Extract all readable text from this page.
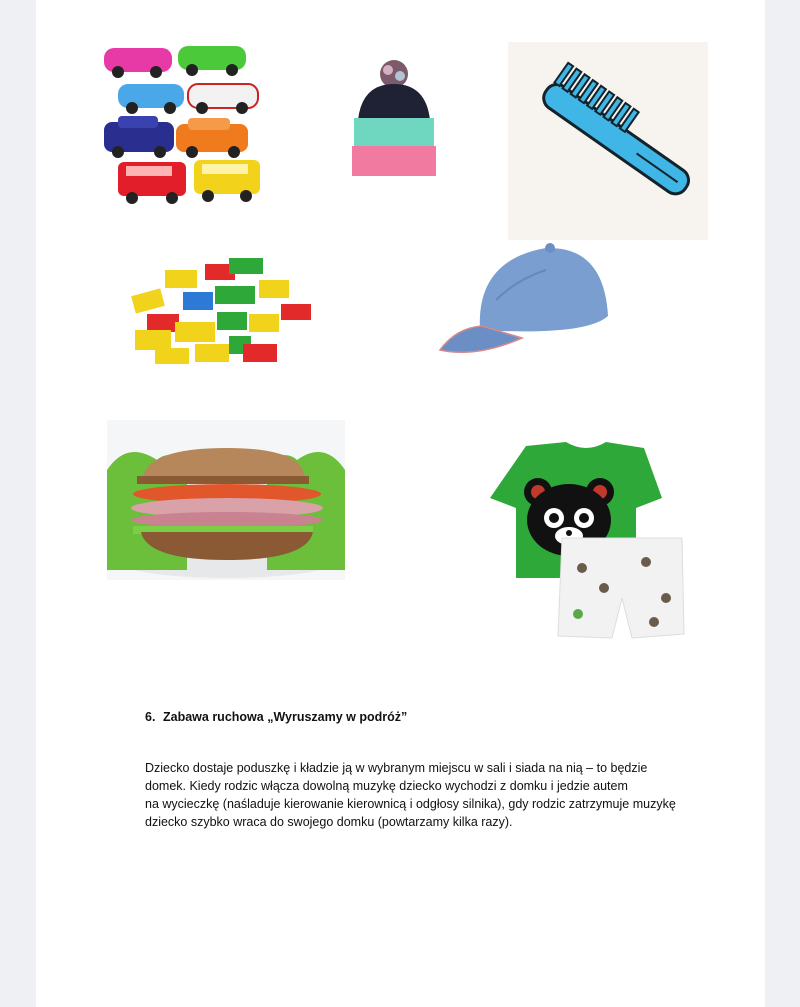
6. Zabawa ruchowa „Wyruszamy w podróż”
Dziecko dostaje poduszkę i kładzie ją w wybranym miejscu w sali i siada na nią – to będzie
domek. Kiedy rodzic włącza dowolną muzykę dziecko wychodzi z domku i jedzie autem
na wycieczkę (naśladuje kierowanie kierownicą i odgłosy silnika), gdy rodzic zatrzymuje muzykę
dziecko szybko wraca do swojego domku (powtarzamy kilka razy).
